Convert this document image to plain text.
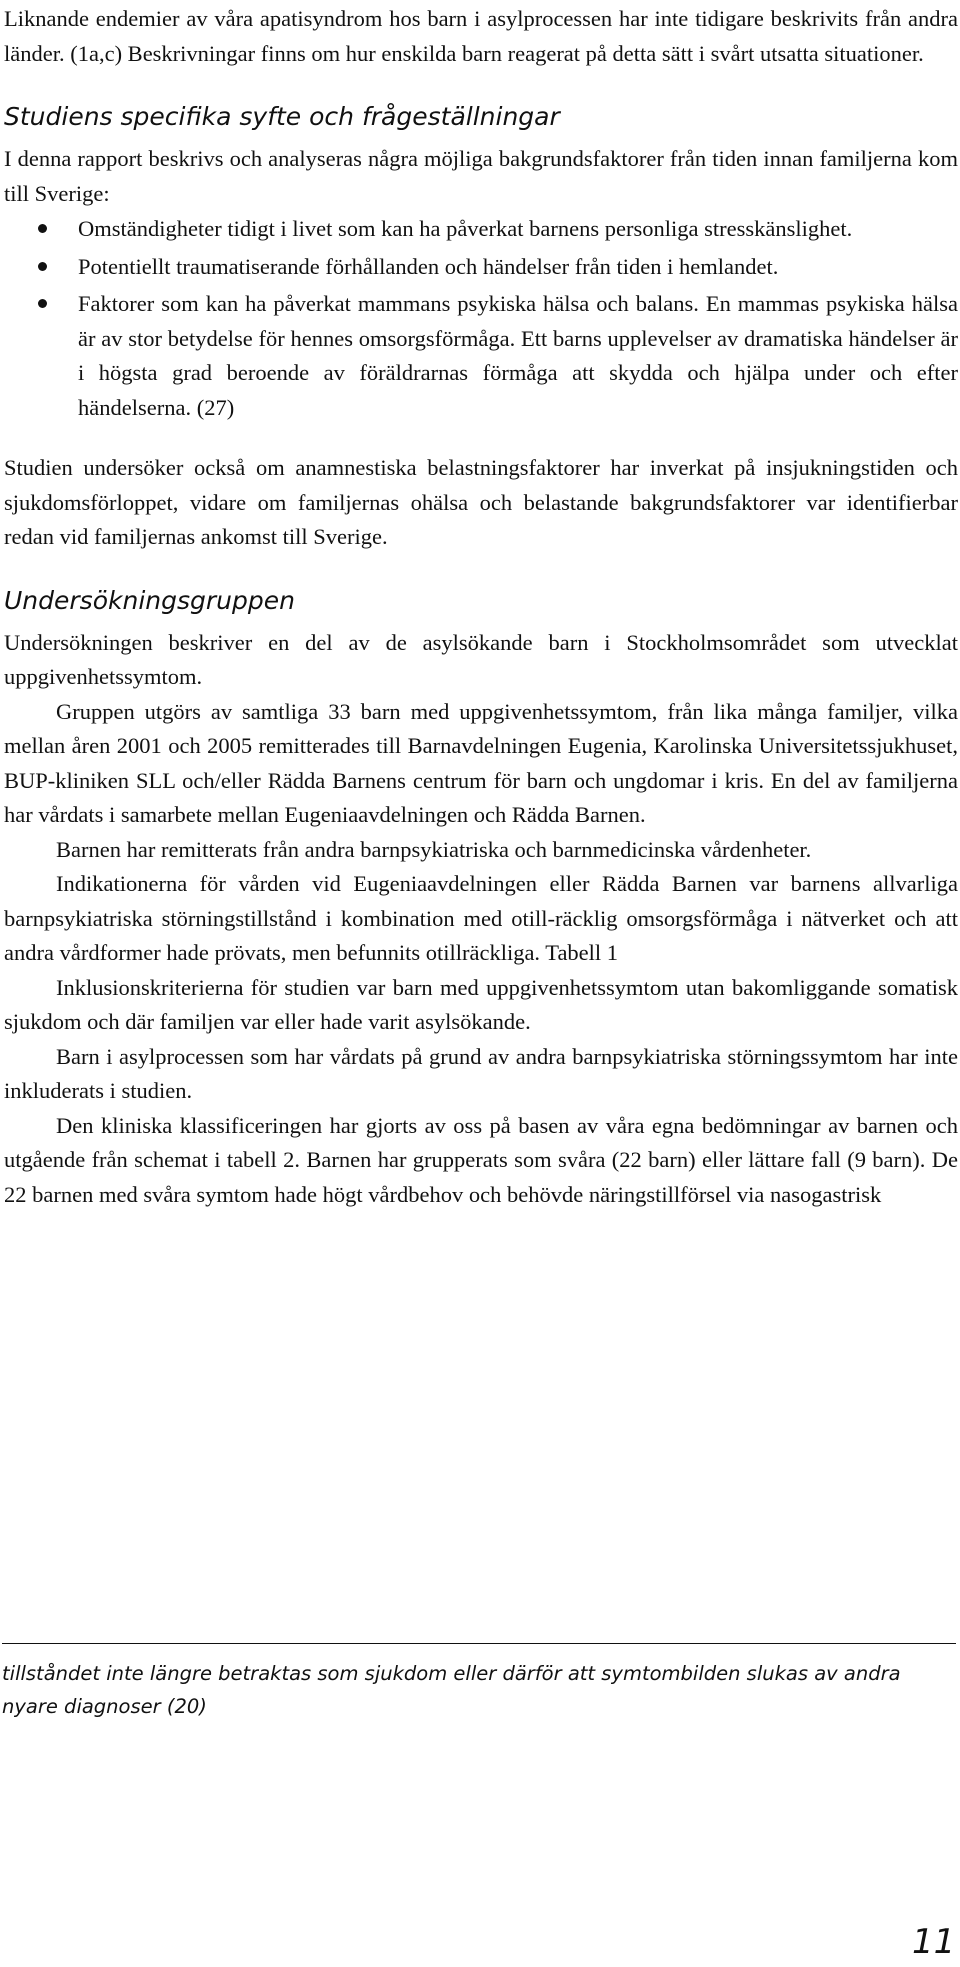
Liknande endemier av våra apatisyndrom hos barn i asylprocessen har inte tidigare beskrivits från andra länder. (1a,c) Beskrivningar finns om hur enskilda barn reagerat på detta sätt i svårt utsatta situationer.

Studiens specifika syfte och frågeställningar

I denna rapport beskrivs och analyseras några möjliga bakgrundsfaktorer från tiden innan familjerna kom till Sverige:

Omständigheter tidigt i livet som kan ha påverkat barnens personliga stresskänslighet.

Potentiellt traumatiserande förhållanden och händelser från tiden i hemlandet.

Faktorer som kan ha påverkat mammans psykiska hälsa och balans. En mammas psykiska hälsa är av stor betydelse för hennes omsorgsförmåga. Ett barns upplevelser av dramatiska händelser är i högsta grad beroende av föräldrarnas förmåga att skydda och hjälpa under och efter händelserna. (27)

Studien undersöker också om anamnestiska belastningsfaktorer har inverkat på insjukningstiden och sjukdomsförloppet, vidare om familjernas ohälsa och belastande bakgrundsfaktorer var identifierbar redan vid familjernas ankomst till Sverige.

Undersökningsgruppen

Undersökningen beskriver en del av de asylsökande barn i Stockholmsområdet som utvecklat uppgivenhetssymtom.

Gruppen utgörs av samtliga 33 barn med uppgivenhetssymtom, från lika många familjer, vilka mellan åren 2001 och 2005 remitterades till Barnavdelningen Eugenia, Karolinska Universitetssjukhuset, BUP-kliniken SLL och/eller Rädda Barnens centrum för barn och ungdomar i kris. En del av familjerna har vårdats i samarbete mellan Eugeniaavdelningen och Rädda Barnen.

Barnen har remitterats från andra barnpsykiatriska och barnmedicinska vårdenheter.

Indikationerna för vården vid Eugeniaavdelningen eller Rädda Barnen var barnens allvarliga barnpsykiatriska störningstillstånd i kombination med otill-räcklig omsorgsförmåga i nätverket och att andra vårdformer hade prövats, men befunnits otillräckliga. Tabell 1

Inklusionskriterierna för studien var barn med uppgivenhetssymtom utan bakomliggande somatisk sjukdom och där familjen var eller hade varit asylsökande.

Barn i asylprocessen som har vårdats på grund av andra barnpsykiatriska störningssymtom har inte inkluderats i studien.

Den kliniska klassificeringen har gjorts av oss på basen av våra egna bedömningar av barnen och utgående från schemat i tabell 2. Barnen har grupperats som svåra (22 barn) eller lättare fall (9 barn). De 22 barnen med svåra symtom hade högt vårdbehov och behövde näringstillförsel via nasogastrisk

tillståndet inte längre betraktas som sjukdom eller därför att symtombilden slukas av andra nyare diagnoser (20)
11
